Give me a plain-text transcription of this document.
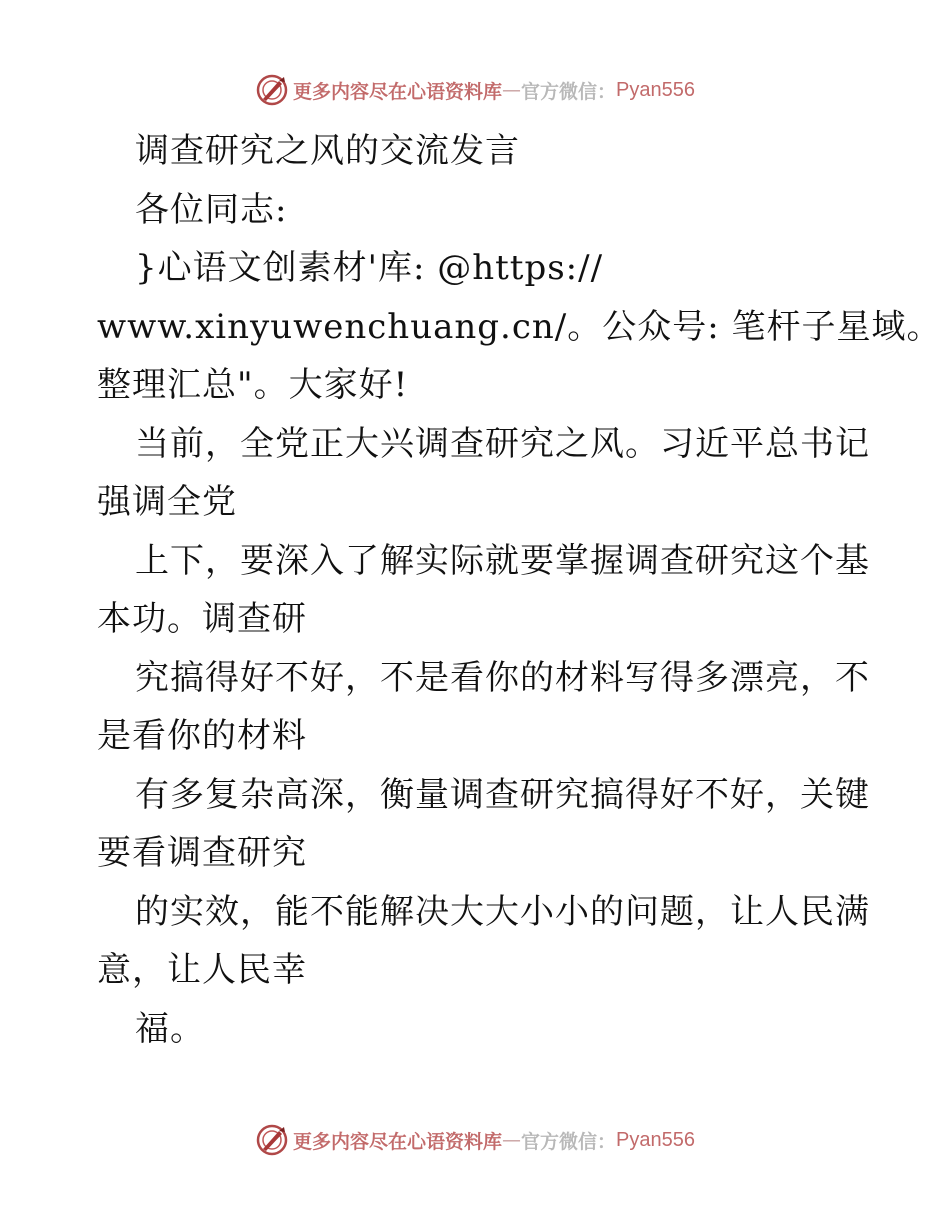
更多内容尽在心语资料库 — 官方微信： Pyan556
调查研究之风的交流发言
各位同志:
}心语文创素材'库: @https://
www.xinyuwenchuang.cn/。公众号: 笔杆子星域。
整理汇总"。大家好!
当前，全党正大兴调查研究之风。习近平总书记
强调全党
上下，要深入了解实际就要掌握调查研究这个基
本功。调查研
究搞得好不好，不是看你的材料写得多漂亮，不
是看你的材料
有多复杂高深，衡量调查研究搞得好不好，关键
要看调查研究
的实效，能不能解决大大小小的问题，让人民满
意，让人民幸
福。
更多内容尽在心语资料库 — 官方微信： Pyan556
